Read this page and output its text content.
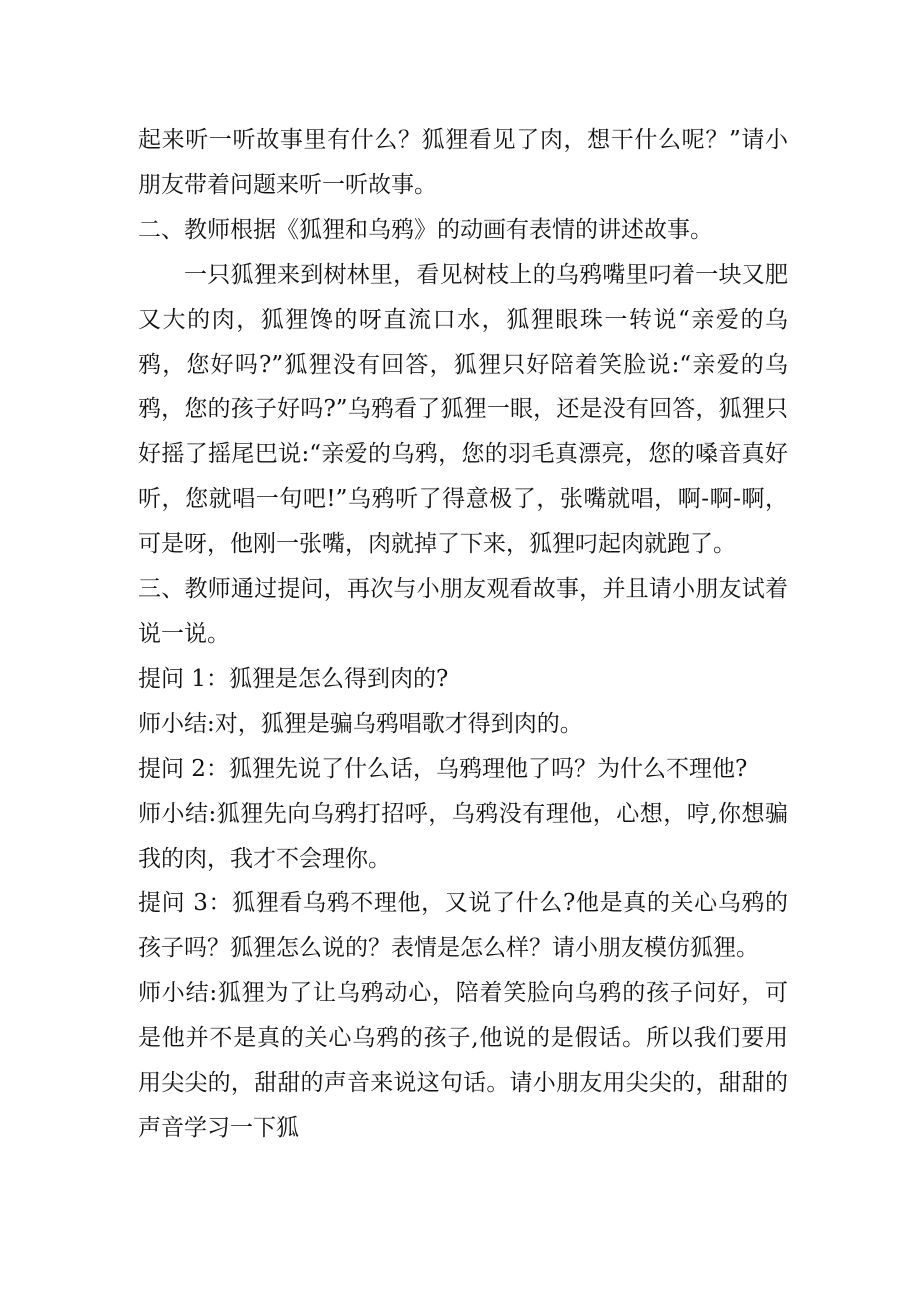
起来听一听故事里有什么？狐狸看见了肉，想干什么呢？”请小朋友带着问题来听一听故事。

二、教师根据《狐狸和乌鸦》的动画有表情的讲述故事。

一只狐狸来到树林里，看见树枝上的乌鸦嘴里叼着一块又肥又大的肉，狐狸馋的呀直流口水，狐狸眼珠一转说“亲爱的乌鸦，您好吗?”狐狸没有回答，狐狸只好陪着笑脸说:“亲爱的乌鸦，您的孩子好吗?”乌鸦看了狐狸一眼，还是没有回答，狐狸只好摇了摇尾巴说:“亲爱的乌鸦，您的羽毛真漂亮，您的嗓音真好听，您就唱一句吧!”乌鸦听了得意极了，张嘴就唱，啊-啊-啊，可是呀，他刚一张嘴，肉就掉了下来，狐狸叼起肉就跑了。

三、教师通过提问，再次与小朋友观看故事，并且请小朋友试着说一说。

提问 1：狐狸是怎么得到肉的?

师小结:对，狐狸是骗乌鸦唱歌才得到肉的。

提问 2：狐狸先说了什么话，乌鸦理他了吗？为什么不理他?

师小结:狐狸先向乌鸦打招呼，乌鸦没有理他，心想，哼,你想骗我的肉，我才不会理你。

提问 3：狐狸看乌鸦不理他，又说了什么?他是真的关心乌鸦的孩子吗？狐狸怎么说的？表情是怎么样？请小朋友模仿狐狸。

师小结:狐狸为了让乌鸦动心，陪着笑脸向乌鸦的孩子问好，可是他并不是真的关心乌鸦的孩子,他说的是假话。所以我们要用用尖尖的，甜甜的声音来说这句话。请小朋友用尖尖的，甜甜的声音学习一下狐
